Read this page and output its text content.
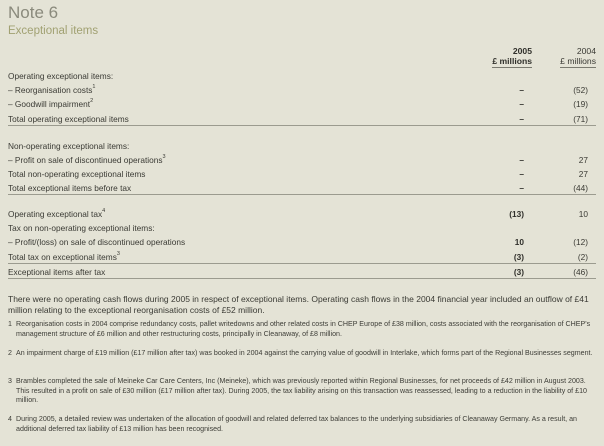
Note 6
Exceptional items
2005
£ millions
2004
£ millions
Operating exceptional items:
– Reorganisation costs$^1$	–	(52)
– Goodwill impairment$^2$	–	(19)
Total operating exceptional items	–	(71)
Non-operating exceptional items:
– Profit on sale of discontinued operations$^3$	–	27
Total non-operating exceptional items	–	27
Total exceptional items before tax	–	(44)
Operating exceptional tax$^4$	(13)	10
Tax on non-operating exceptional items:
– Profit/(loss) on sale of discontinued operations	10	(12)
Total tax on exceptional items$^3$	(3)	(2)
Exceptional items after tax	(3)	(46)
There were no operating cash flows during 2005 in respect of exceptional items. Operating cash flows in the 2004 financial year included an outflow of £41 million relating to the exceptional reorganisation costs of £52 million.
1 Reorganisation costs in 2004 comprise redundancy costs, pallet writedowns and other related costs in CHEP Europe of £38 million, costs associated with the reorganisation of CHEP's management structure of £6 million and other restructuring costs, principally in Cleanaway, of £8 million.
2 An impairment charge of £19 million (£17 million after tax) was booked in 2004 against the carrying value of goodwill in Interlake, which forms part of the Regional Businesses segment.
3 Brambles completed the sale of Meineke Car Care Centers, Inc (Meineke), which was previously reported within Regional Businesses, for net proceeds of £42 million in August 2003. This resulted in a profit on sale of £30 million (£17 million after tax). During 2005, the tax liability arising on this transaction was reassessed, leading to a reduction in the liability of £10 million.
4 During 2005, a detailed review was undertaken of the allocation of goodwill and related deferred tax balances to the underlying subsidiaries of Cleanaway Germany. As a result, an additional deferred tax liability of £13 million has been recognised.
